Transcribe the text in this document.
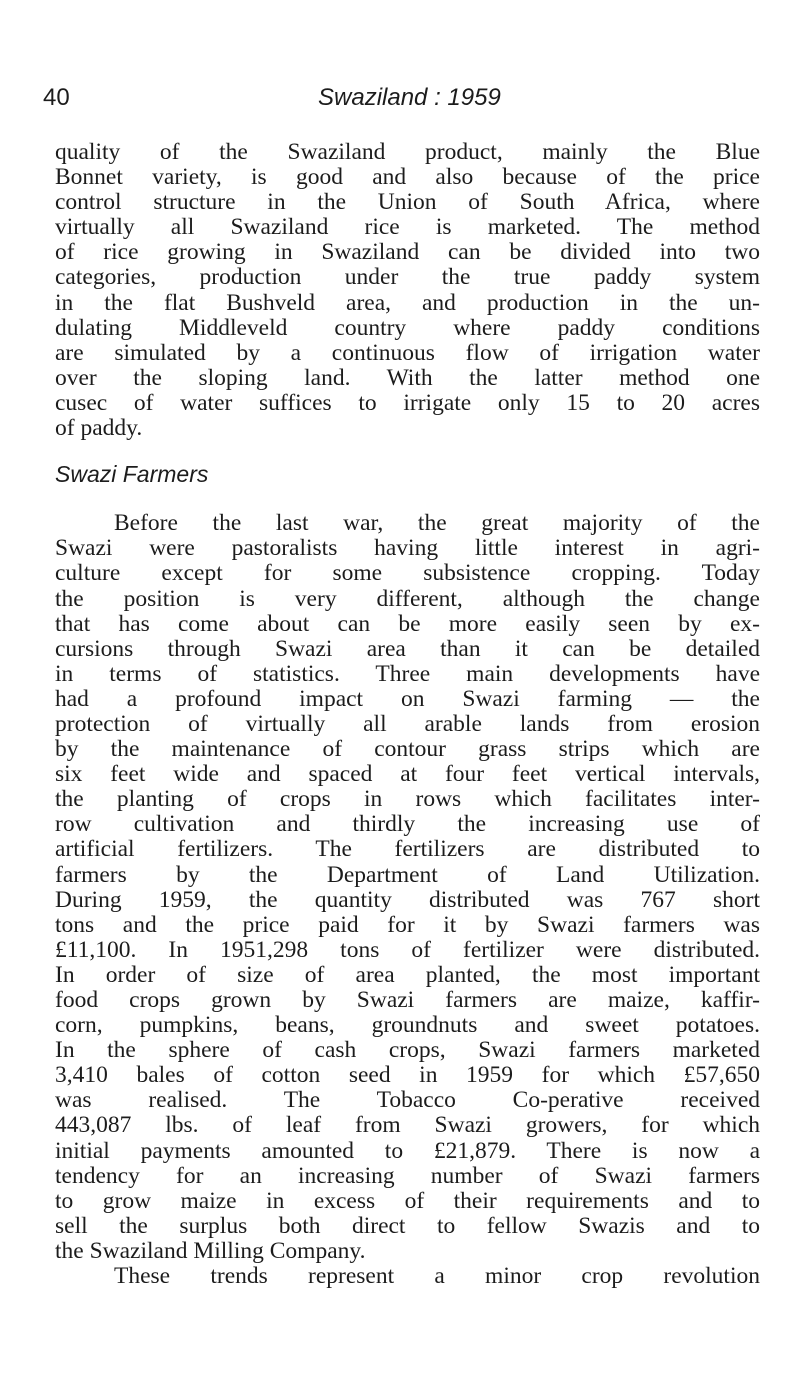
40	Swaziland : 1959
quality of the Swaziland product, mainly the Blue
Bonnet variety, is good and also because of the price
control structure in the Union of South Africa, where
virtually all Swaziland rice is marketed. The method
of rice growing in Swaziland can be divided into two
categories, production under the true paddy system
in the flat Bushveld area, and production in the un-
dulating Middleveld country where paddy conditions
are simulated by a continuous flow of irrigation water
over the sloping land. With the latter method one
cusec of water suffices to irrigate only 15 to 20 acres
of paddy.
Swazi Farmers
Before the last war, the great majority of the
Swazi were pastoralists having little interest in agri-
culture except for some subsistence cropping. Today
the position is very different, although the change
that has come about can be more easily seen by ex-
cursions through Swazi area than it can be detailed
in terms of statistics. Three main developments have
had a profound impact on Swazi farming — the
protection of virtually all arable lands from erosion
by the maintenance of contour grass strips which are
six feet wide and spaced at four feet vertical intervals,
the planting of crops in rows which facilitates inter-
row cultivation and thirdly the increasing use of
artificial fertilizers. The fertilizers are distributed to
farmers by the Department of Land Utilization.
During 1959, the quantity distributed was 767 short
tons and the price paid for it by Swazi farmers was
£11,100. In 1951,298 tons of fertilizer were distributed.
In order of size of area planted, the most important
food crops grown by Swazi farmers are maize, kaffir-
corn, pumpkins, beans, groundnuts and sweet potatoes.
In the sphere of cash crops, Swazi farmers marketed
3,410 bales of cotton seed in 1959 for which £57,650
was realised. The Tobacco Co-perative received
443,087 lbs. of leaf from Swazi growers, for which
initial payments amounted to £21,879. There is now a
tendency for an increasing number of Swazi farmers
to grow maize in excess of their requirements and to
sell the surplus both direct to fellow Swazis and to
the Swaziland Milling Company.
These trends represent a minor crop revolution
